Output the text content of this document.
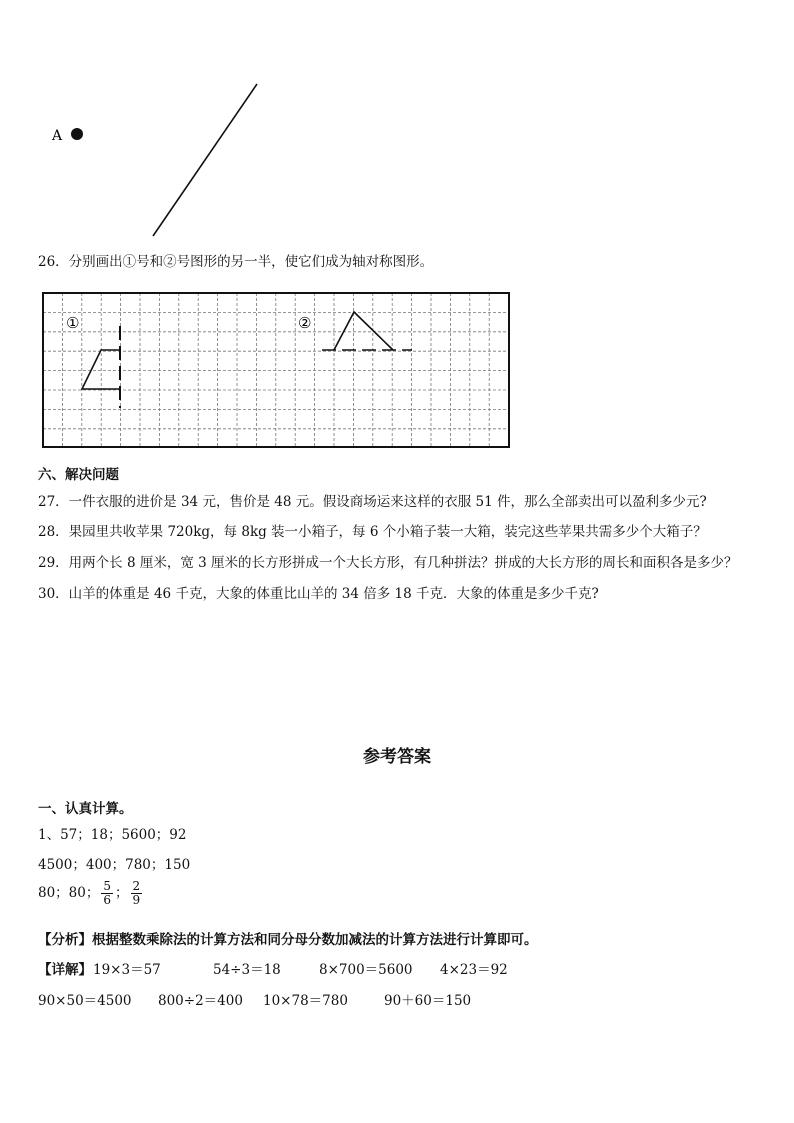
A
26．分别画出①号和②号图形的另一半，使它们成为轴对称图形。
①	②
六、解决问题
27．一件衣服的进价是 34 元，售价是 48 元。假设商场运来这样的衣服 51 件，那么全部卖出可以盈利多少元?
28．果园里共收苹果 720kg，每 8kg 装一小箱子，每 6 个小箱子装一大箱，装完这些苹果共需多少个大箱子？
29．用两个长 8 厘米，宽 3 厘米的长方形拼成一个大长方形，有几种拼法？拼成的大长方形的周长和面积各是多少？
30．山羊的体重是 46 千克，大象的体重比山羊的 34 倍多 18 千克．大象的体重是多少千克?
参考答案
一、认真计算。
1、57；18；5600；92
4500；400；780；150
80；80； $\frac{5}{6}$ ； $\frac{2}{9}$
【分析】根据整数乘除法的计算方法和同分母分数加减法的计算方法进行计算即可。
【详解】 19×3＝57	54÷3＝18	8×700＝5600 4×23＝92
90×50＝4500 800÷2＝400 10×78＝780	90＋60＝150
